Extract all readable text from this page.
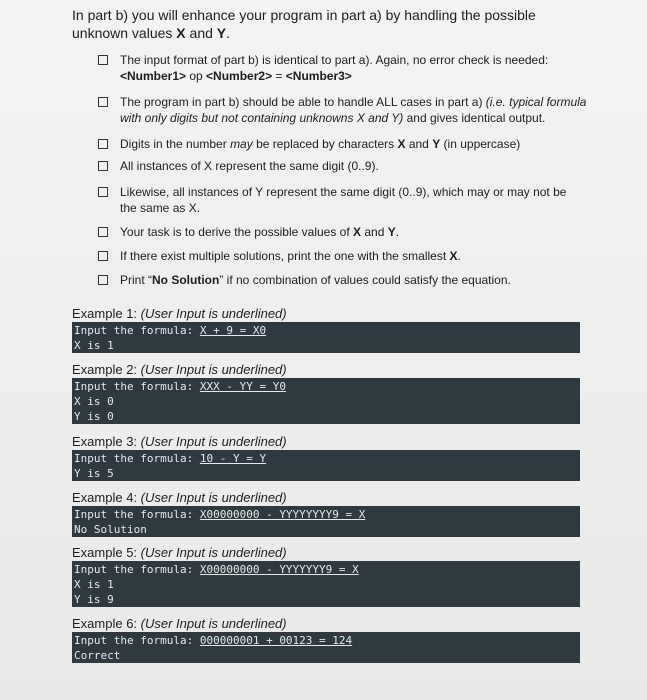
In part b) you will enhance your program in part a) by handling the possible
unknown values X and Y.
The input format of part b) is identical to part a). Again, no error check is needed:
<Number1> op <Number2> = <Number3>
The program in part b) should be able to handle ALL cases in part a) (i.e. typical formula
with only digits but not containing unknowns X and Y) and gives identical output.
Digits in the number may be replaced by characters X and Y (in uppercase)
All instances of X represent the same digit (0..9).
Likewise, all instances of Y represent the same digit (0..9), which may or may not be
the same as X.
Your task is to derive the possible values of X and Y.
If there exist multiple solutions, print the one with the smallest X.
Print “No Solution” if no combination of values could satisfy the equation.
Example 1: (User Input is underlined)
Input the formula: X + 9 = X0
X is 1
Example 2: (User Input is underlined)
Input the formula: XXX - YY = Y0
X is 0
Y is 0
Example 3: (User Input is underlined)
Input the formula: 10 - Y = Y
Y is 5
Example 4: (User Input is underlined)
Input the formula: X00000000 - YYYYYYYY9 = X
No Solution
Example 5: (User Input is underlined)
Input the formula: X00000000 - YYYYYYY9 = X
X is 1
Y is 9
Example 6: (User Input is underlined)
Input the formula: 000000001 + 00123 = 124
Correct
